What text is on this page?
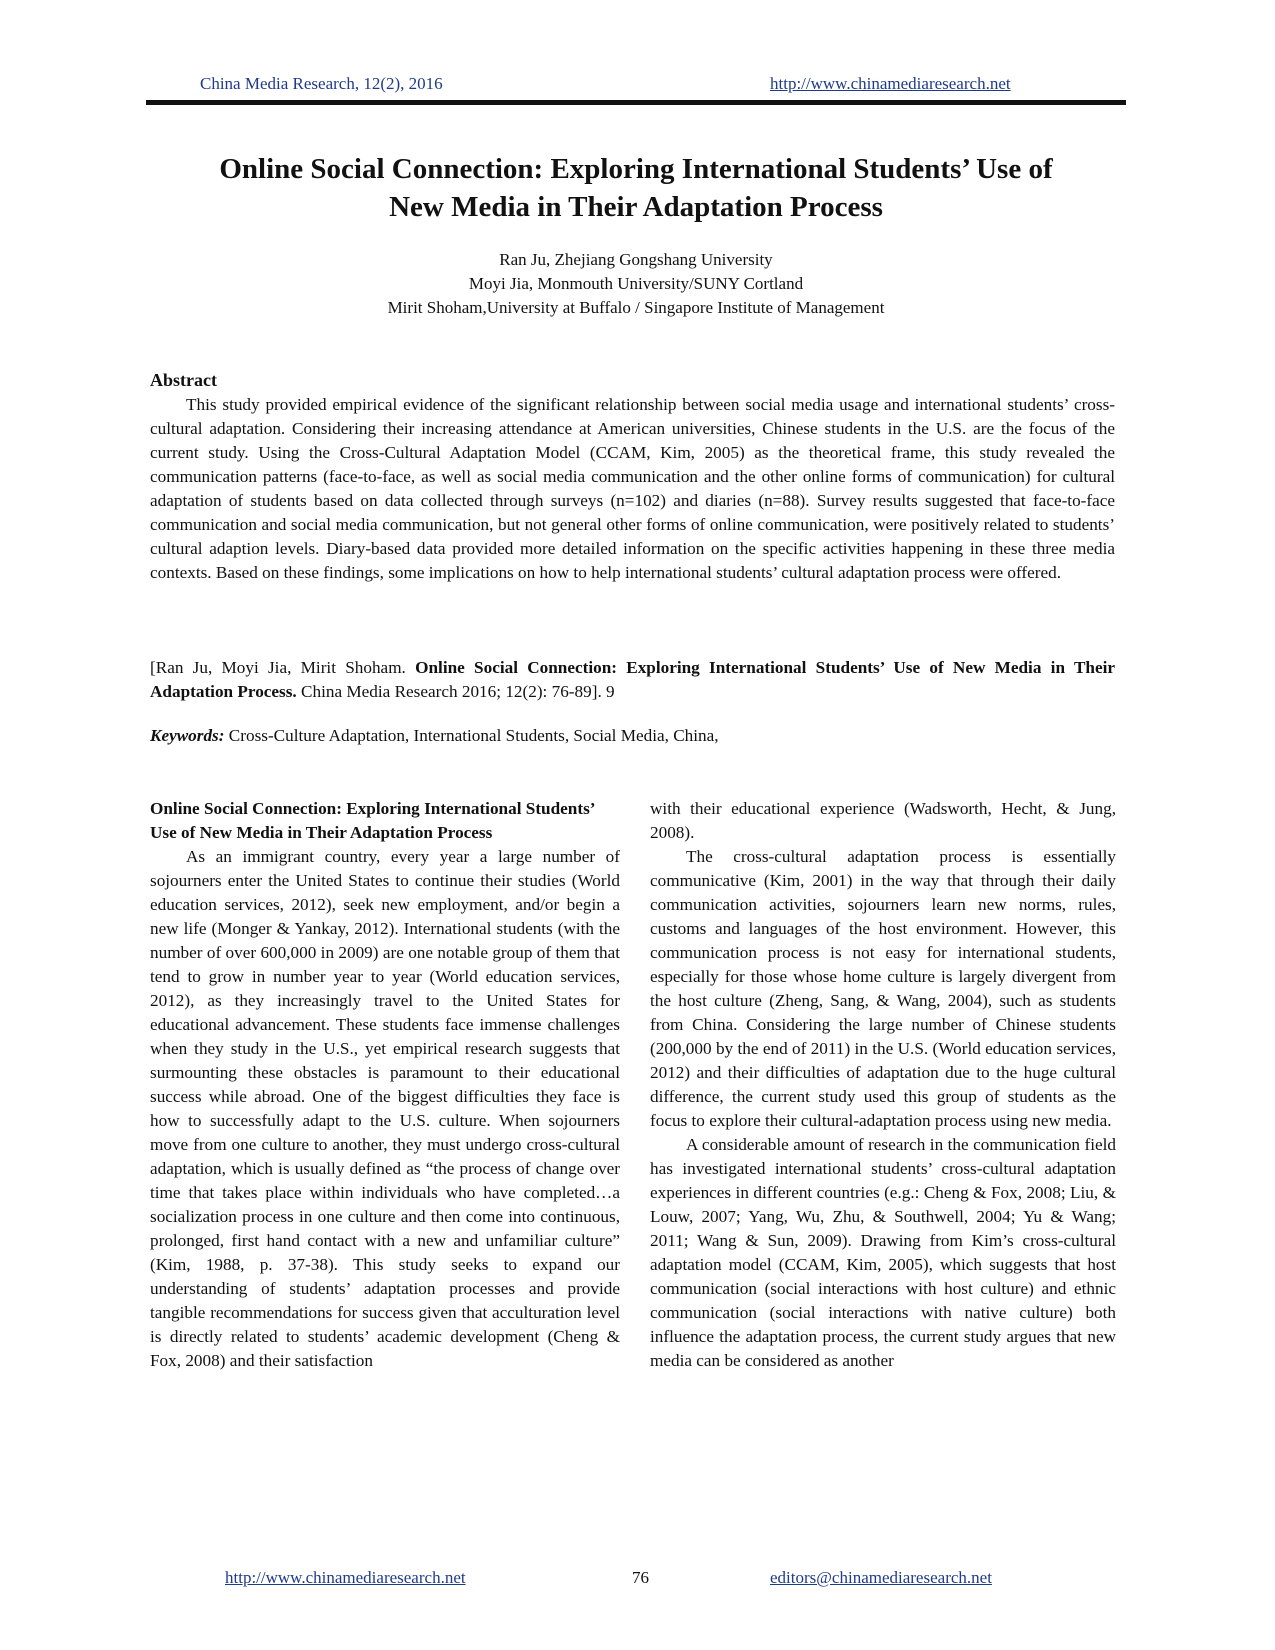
China Media Research, 12(2), 2016	http://www.chinamediaresearch.net
Online Social Connection: Exploring International Students’ Use of
New Media in Their Adaptation Process
Ran Ju, Zhejiang Gongshang University
Moyi Jia, Monmouth University/SUNY Cortland
Mirit Shoham,University at Buffalo / Singapore Institute of Management
Abstract
This study provided empirical evidence of the significant relationship between social media usage and international students’ cross-cultural adaptation. Considering their increasing attendance at American universities, Chinese students in the U.S. are the focus of the current study. Using the Cross-Cultural Adaptation Model (CCAM, Kim, 2005) as the theoretical frame, this study revealed the communication patterns (face-to-face, as well as social media communication and the other online forms of communication) for cultural adaptation of students based on data collected through surveys (n=102) and diaries (n=88). Survey results suggested that face-to-face communication and social media communication, but not general other forms of online communication, were positively related to students’ cultural adaption levels. Diary-based data provided more detailed information on the specific activities happening in these three media contexts. Based on these findings, some implications on how to help international students’ cultural adaptation process were offered.
[Ran Ju, Moyi Jia, Mirit Shoham. Online Social Connection: Exploring International Students’ Use of New Media in Their Adaptation Process. China Media Research 2016; 12(2): 76-89]. 9
Keywords: Cross-Culture Adaptation, International Students, Social Media, China,
Online Social Connection: Exploring International Students’ Use of New Media in Their Adaptation Process

As an immigrant country, every year a large number of sojourners enter the United States to continue their studies (World education services, 2012), seek new employment, and/or begin a new life (Monger & Yankay, 2012). International students (with the number of over 600,000 in 2009) are one notable group of them that tend to grow in number year to year (World education services, 2012), as they increasingly travel to the United States for educational advancement. These students face immense challenges when they study in the U.S., yet empirical research suggests that surmounting these obstacles is paramount to their educational success while abroad. One of the biggest difficulties they face is how to successfully adapt to the U.S. culture. When sojourners move from one culture to another, they must undergo cross-cultural adaptation, which is usually defined as “the process of change over time that takes place within individuals who have completed…a socialization process in one culture and then come into continuous, prolonged, first hand contact with a new and unfamiliar culture” (Kim, 1988, p. 37-38). This study seeks to expand our understanding of students’ adaptation processes and provide tangible recommendations for success given that acculturation level is directly related to students’ academic development (Cheng & Fox, 2008) and their satisfaction

with their educational experience (Wadsworth, Hecht, & Jung, 2008).

The cross-cultural adaptation process is essentially communicative (Kim, 2001) in the way that through their daily communication activities, sojourners learn new norms, rules, customs and languages of the host environment. However, this communication process is not easy for international students, especially for those whose home culture is largely divergent from the host culture (Zheng, Sang, & Wang, 2004), such as students from China. Considering the large number of Chinese students (200,000 by the end of 2011) in the U.S. (World education services, 2012) and their difficulties of adaptation due to the huge cultural difference, the current study used this group of students as the focus to explore their cultural-adaptation process using new media.

A considerable amount of research in the communication field has investigated international students’ cross-cultural adaptation experiences in different countries (e.g.: Cheng & Fox, 2008; Liu, & Louw, 2007; Yang, Wu, Zhu, & Southwell, 2004; Yu & Wang; 2011; Wang & Sun, 2009). Drawing from Kim’s cross-cultural adaptation model (CCAM, Kim, 2005), which suggests that host communication (social interactions with host culture) and ethnic communication (social interactions with native culture) both influence the adaptation process, the current study argues that new media can be considered as another

http://www.chinamediaresearch.net	76	editors@chinamediaresearch.net
